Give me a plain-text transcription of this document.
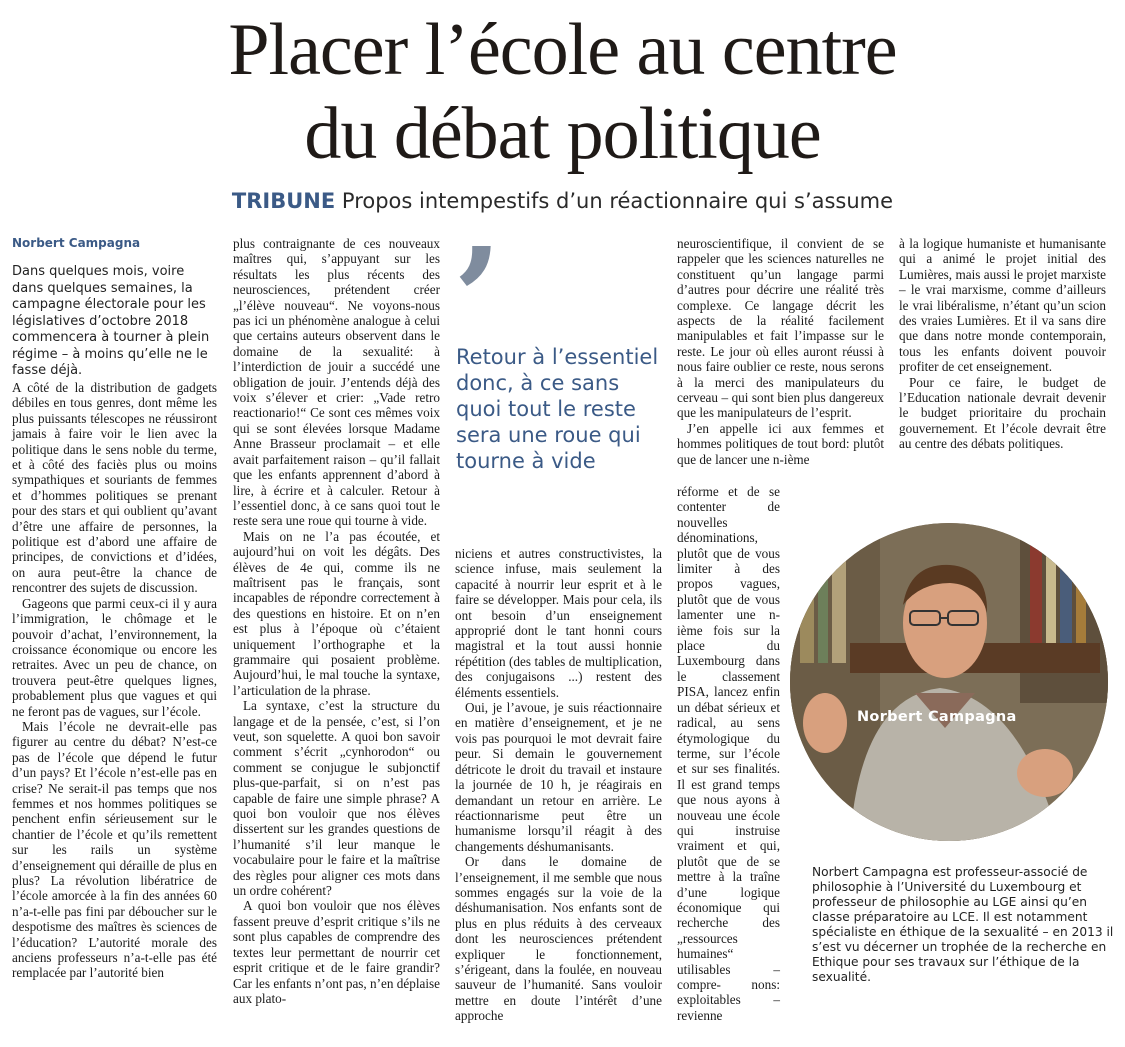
Placer l’école au centre
du débat politique
TRIBUNE Propos intempestifs d’un réactionnaire qui s’assume
Norbert Campagna
Dans quelques mois, voire dans quelques semaines, la campagne électorale pour les législatives d’octobre 2018 commencera à tourner à plein régime – à moins qu’elle ne le fasse déjà.

A côté de la distribution de gadgets débiles en tous genres, dont même les plus puissants télescopes ne réussiront jamais à faire voir le lien avec la politique dans le sens noble du terme, et à côté des faciès plus ou moins sympathiques et souriants de femmes et d’hommes politiques se prenant pour des stars et qui oublient qu’avant d’être une affaire de personnes, la politique est d’abord une affaire de principes, de convictions et d’idées, on aura peut-être la chance de rencontrer des sujets de discussion.

Gageons que parmi ceux-ci il y aura l’immigration, le chômage et le pouvoir d’achat, l’environnement, la croissance économique ou encore les retraites. Avec un peu de chance, on trouvera peut-être quelques lignes, probablement plus que vagues et qui ne feront pas de vagues, sur l’école.

Mais l’école ne devrait-elle pas figurer au centre du débat? N’est-ce pas de l’école que dépend le futur d’un pays? Et l’école n’est-elle pas en crise? Ne serait-il pas temps que nos femmes et nos hommes politiques se penchent enfin sérieusement sur le chantier de l’école et qu’ils remettent sur les rails un système d’enseignement qui déraille de plus en plus? La révolution libératrice de l’école amorcée à la fin des années 60 n’a-t-elle pas fini par déboucher sur le despotisme des maîtres ès sciences de l’éducation? L’autorité morale des anciens professeurs n’a-t-elle pas été remplacée par l’autorité bien

plus contraignante de ces nouveaux maîtres qui, s’appuyant sur les résultats les plus récents des neurosciences, prétendent créer „l’élève nouveau“. Ne voyons-nous pas ici un phénomène analogue à celui que certains auteurs observent dans le domaine de la sexualité: à l’interdiction de jouir a succédé une obligation de jouir. J’entends déjà des voix s’élever et crier: „Vade retro reactionario!“ Ce sont ces mêmes voix qui se sont élevées lorsque Madame Anne Brasseur proclamait – et elle avait parfaitement raison – qu’il fallait que les enfants apprennent d’abord à lire, à écrire et à calculer. Retour à l’essentiel donc, à ce sans quoi tout le reste sera une roue qui tourne à vide.

Mais on ne l’a pas écoutée, et aujourd’hui on voit les dégâts. Des élèves de 4e qui, comme ils ne maîtrisent pas le français, sont incapables de répondre correctement à des questions en histoire. Et on n’en est plus à l’époque où c’étaient uniquement l’orthographe et la grammaire qui posaient problème. Aujourd’hui, le mal touche la syntaxe, l’articulation de la phrase.

La syntaxe, c’est la structure du langage et de la pensée, c’est, si l’on veut, son squelette. A quoi bon savoir comment s’écrit „cynhorodon“ ou comment se conjugue le subjonctif plus-que-parfait, si on n’est pas capable de faire une simple phrase? A quoi bon vouloir que nos élèves dissertent sur les grandes questions de l’humanité s’il leur manque le vocabulaire pour le faire et la maîtrise des règles pour aligner ces mots dans un ordre cohérent?

A quoi bon vouloir que nos élèves fassent preuve d’esprit critique s’ils ne sont plus capables de comprendre des textes leur permettant de nourrir cet esprit critique et de le faire grandir? Car les enfants n’ont pas, n’en déplaise aux plato-

’
Retour à l’essentiel donc, à ce sans quoi tout le reste sera une roue qui tourne à vide

niciens et autres constructivistes, la science infuse, mais seulement la capacité à nourrir leur esprit et à le faire se développer. Mais pour cela, ils ont besoin d’un enseignement approprié dont le tant honni cours magistral et la tout aussi honnie répétition (des tables de multiplication, des conjugaisons ...) restent des éléments essentiels.

Oui, je l’avoue, je suis réactionnaire en matière d’enseignement, et je ne vois pas pourquoi le mot devrait faire peur. Si demain le gouvernement détricote le droit du travail et instaure la journée de 10 h, je réagirais en demandant un retour en arrière. Le réactionnarisme peut être un humanisme lorsqu’il réagit à des changements déshumanisants.

Or dans le domaine de l’enseignement, il me semble que nous sommes engagés sur la voie de la déshumanisation. Nos enfants sont de plus en plus réduits à des cerveaux dont les neurosciences prétendent expliquer le fonctionnement, s’érigeant, dans la foulée, en nouveau sauveur de l’humanité. Sans vouloir mettre en doute l’intérêt d’une approche

neuroscientifique, il convient de se rappeler que les sciences naturelles ne constituent qu’un langage parmi d’autres pour décrire une réalité très complexe. Ce langage décrit les aspects de la réalité facilement manipulables et fait l’impasse sur le reste. Le jour où elles auront réussi à nous faire oublier ce reste, nous serons à la merci des manipulateurs du cerveau – qui sont bien plus dangereux que les manipulateurs de l’esprit.

J’en appelle ici aux femmes et hommes politiques de tout bord: plutôt que de lancer une n-ième

réforme et de se contenter de nouvelles dénominations, plutôt que de vous limiter à des propos vagues, plutôt que de vous lamenter une n-ième fois sur la place du Luxembourg dans le classement PISA, lancez enfin un débat sérieux et radical, au sens étymologique du terme, sur l’école et sur ses finalités. Il est grand temps que nous ayons à nouveau une école qui instruise vraiment et qui, plutôt que de se mettre à la traîne d’une logique économique qui recherche des „ressources humaines“ utilisables – compre- nons: exploitables – revienne

à la logique humaniste et humanisante qui a animé le projet initial des Lumières, mais aussi le projet marxiste – le vrai marxisme, comme d’ailleurs le vrai libéralisme, n’étant qu’un scion des vraies Lumières. Et il va sans dire que dans notre monde contemporain, tous les enfants doivent pouvoir profiter de cet enseignement.

Pour ce faire, le budget de l’Education nationale devrait devenir le budget prioritaire du prochain gouvernement. Et l’école devrait être au centre des débats politiques.

Norbert Campagna
Norbert Campagna est professeur-associé de philosophie à l’Université du Luxembourg et professeur de philosophie au LGE ainsi qu’en classe préparatoire au LCE. Il est notamment spécialiste en éthique de la sexualité – en 2013 il s’est vu décerner un trophée de la recherche en Ethique pour ses travaux sur l’éthique de la sexualité.
